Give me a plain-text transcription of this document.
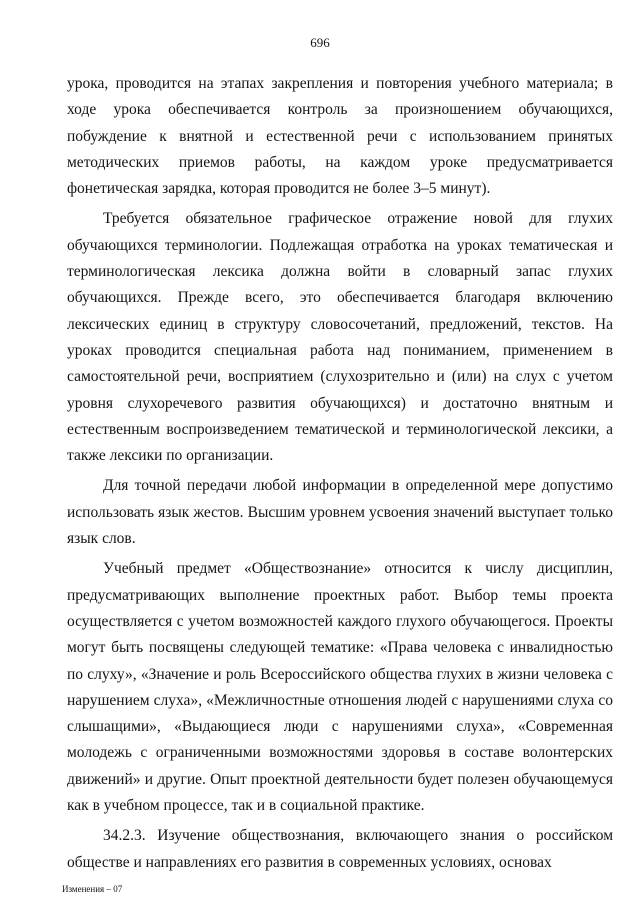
696

урока, проводится на этапах закрепления и повторения учебного материала; в ходе урока обеспечивается контроль за произношением обучающихся, побуждение к внятной и естественной речи с использованием принятых методических приемов работы, на каждом уроке предусматривается фонетическая зарядка, которая проводится не более 3–5 минут).

Требуется обязательное графическое отражение новой для глухих обучающихся терминологии. Подлежащая отработка на уроках тематическая и терминологическая лексика должна войти в словарный запас глухих обучающихся. Прежде всего, это обеспечивается благодаря включению лексических единиц в структуру словосочетаний, предложений, текстов. На уроках проводится специальная работа над пониманием, применением в самостоятельной речи, восприятием (слухозрительно и (или) на слух с учетом уровня слухоречевого развития обучающихся) и достаточно внятным и естественным воспроизведением тематической и терминологической лексики, а также лексики по организации.

Для точной передачи любой информации в определенной мере допустимо использовать язык жестов. Высшим уровнем усвоения значений выступает только язык слов.

Учебный предмет «Обществознание» относится к числу дисциплин, предусматривающих выполнение проектных работ. Выбор темы проекта осуществляется с учетом возможностей каждого глухого обучающегося. Проекты могут быть посвящены следующей тематике: «Права человека с инвалидностью по слуху», «Значение и роль Всероссийского общества глухих в жизни человека с нарушением слуха», «Межличностные отношения людей с нарушениями слуха со слышащими», «Выдающиеся люди с нарушениями слуха», «Современная молодежь с ограниченными возможностями здоровья в составе волонтерских движений» и другие. Опыт проектной деятельности будет полезен обучающемуся как в учебном процессе, так и в социальной практике.

34.2.3. Изучение обществознания, включающего знания о российском обществе и направлениях его развития в современных условиях, основах

Изменения – 07
